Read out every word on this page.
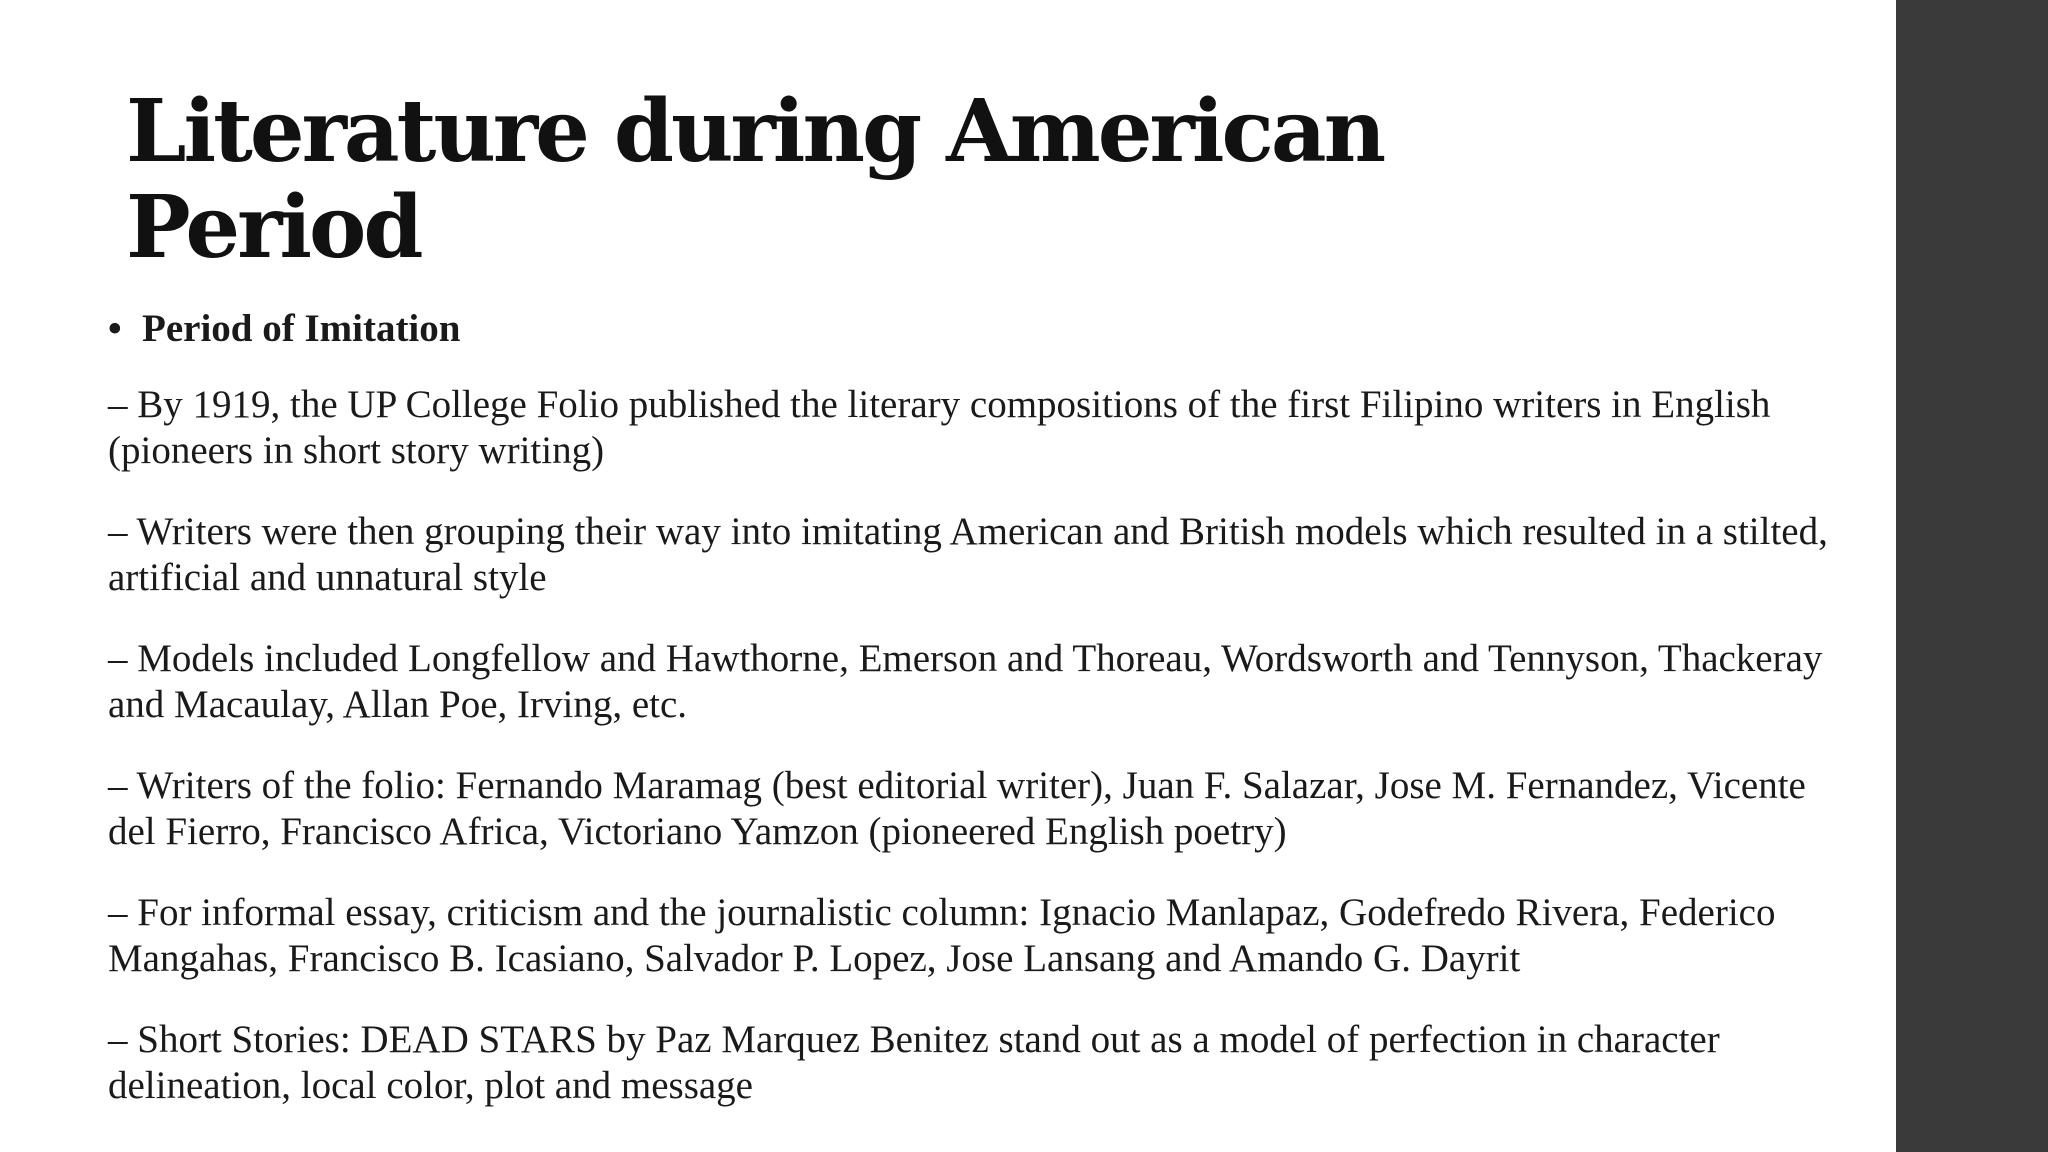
Literature during American
Period
• Period of Imitation

– By 1919, the UP College Folio published the literary compositions of the first Filipino writers in English (pioneers in short story writing)

– Writers were then grouping their way into imitating American and British models which resulted in a stilted, artificial and unnatural style

– Models included Longfellow and Hawthorne, Emerson and Thoreau, Wordsworth and Tennyson, Thackeray and Macaulay, Allan Poe, Irving, etc.

– Writers of the folio: Fernando Maramag (best editorial writer), Juan F. Salazar, Jose M. Fernandez, Vicente del Fierro, Francisco Africa, Victoriano Yamzon (pioneered English poetry)

– For informal essay, criticism and the journalistic column: Ignacio Manlapaz, Godefredo Rivera, Federico Mangahas, Francisco B. Icasiano, Salvador P. Lopez, Jose Lansang and Amando G. Dayrit

– Short Stories: DEAD STARS by Paz Marquez Benitez stand out as a model of perfection in character delineation, local color, plot and message
